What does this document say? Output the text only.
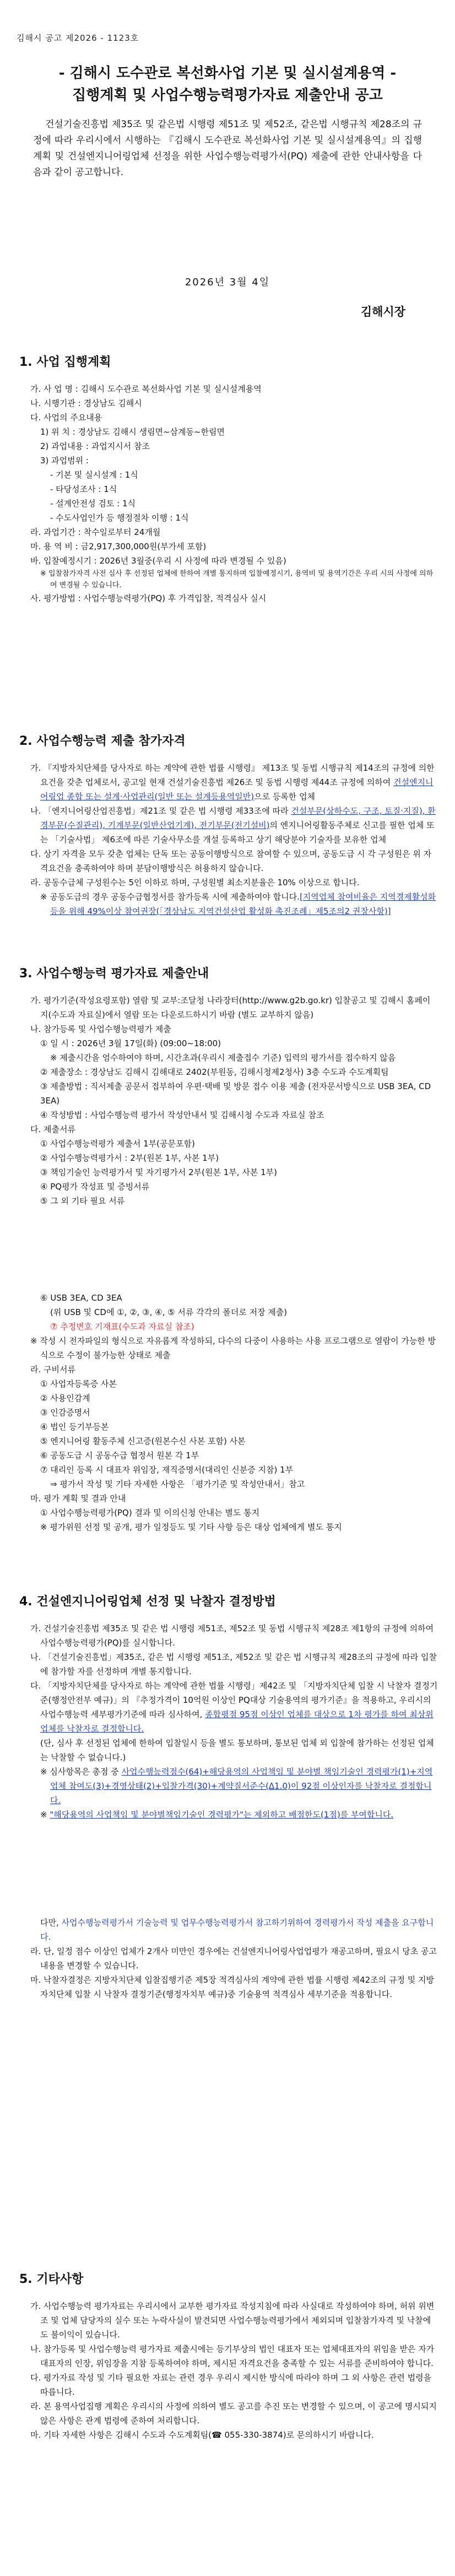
김해시 공고 제2026 - 1123호
- 김해시 도수관로 복선화사업 기본 및 실시설계용역 -
집행계획 및 사업수행능력평가자료 제출안내 공고

건설기술진흥법 제35조 및 같은법 시행령 제51조 및 제52조, 같은법 시행규칙 제28조의 규정에 따라 우리시에서 시행하는 『김해시 도수관로 복선화사업 기본 및 실시설계용역』의 집행계획 및 건설엔지니어링업체 선정을 위한 사업수행능력평가서(PQ) 제출에 관한 안내사항을 다음과 같이 공고합니다.

2026년 3월 4일
김해시장
1. 사업 집행계획

가. 사 업 명 : 김해시 도수관로 복선화사업 기본 및 실시설계용역

나. 시행기관 : 경상남도 김해시

다. 사업의 주요내용

1) 위 치 : 경상남도 김해시 생림면~삼계동~한림면

2) 과업내용 : 과업지시서 참조

3) 과업범위 :

- 기본 및 실시설계 : 1식

- 타당성조사 : 1식

- 설계안전성 검토 : 1식

- 수도사업인가 등 행정절차 이행 : 1식

라. 과업기간 : 착수일로부터 24개월

마. 용 역 비 : 금2,917,300,000원(부가세 포함)

바. 입찰예정시기 : 2026년 3월중(우리 시 사정에 따라 변경될 수 있음)

※ 입찰참가자격 사전 심사 후 선정된 업체에 한하여 개별 통지하며 입찰예정시기, 용역비 및 용역기간은 우리 시의 사정에 의하여 변경될 수 있습니다.

사. 평가방법 : 사업수행능력평가(PQ) 후 가격입찰, 적격심사 실시

2. 사업수행능력 제출 참가자격

가. 『지방자치단체를 당사자로 하는 계약에 관한 법률 시행령』 제13조 및 동법 시행규칙 제14조의 규정에 의한 요건을 갖춘 업체로서, 공고일 현재 건설기술진흥법 제26조 및 동법 시행령 제44조 규정에 의하여 건설엔지니어링업 종합 또는 설계·사업관리(일반 또는 설계등용역일반)으로 등록한 업체

나. 「엔지니어링산업진흥법」제21조 및 같은 법 시행령 제33조에 따라 건설부문(상하수도, 구조, 토질·지질), 환경부문(수질관리), 기계부문(일반산업기계), 전기부문(전기설비)의 엔지니어링활동주체로 신고를 필한 업체 또는 「기술사법」 제6조에 따른 기술사무소를 개설 등록하고 상기 해당분야 기술자를 보유한 업체

다. 상기 자격을 모두 갖춘 업체는 단독 또는 공동이행방식으로 참여할 수 있으며, 공동도급 시 각 구성원은 위 자격요건을 충족하여야 하며 분담이행방식은 허용하지 않습니다.

라. 공동수급체 구성원수는 5인 이하로 하며, 구성원별 최소지분율은 10% 이상으로 합니다.

※ 공동도급의 경우 공동수급협정서를 참가등록 시에 제출하여야 합니다.[지역업체 참여비율은 지역경제활성화 등을 위해 49%이상 참여권장(「경상남도 지역건설산업 활성화 촉진조례」제5조의2 권장사항)]

3. 사업수행능력 평가자료 제출안내

가. 평가기준(작성요령포함) 열람 및 교부:조달청 나라장터(http://www.g2b.go.kr) 입찰공고 및 김해시 홈페이지(수도과 자료실)에서 열람 또는 다운로드하시기 바람 (별도 교부하지 않음)

나. 참가등록 및 사업수행능력평가 제출

① 일 시 : 2026년 3월 17일(화) (09:00~18:00)

※ 제출시간을 엄수하여야 하며, 시간초과(우리시 제출접수 기준) 입력의 평가서를 접수하지 않음

② 제출장소 : 경상남도 김해시 김해대로 2402(부원동, 김해시청제2청사) 3층 수도과 수도계획팀

③ 제출방법 : 직서제출 공문서 접부하여 우편·택배 및 방문 접수 이용 제출 (전자문서방식으로 USB 3EA, CD 3EA)

④ 작성방법 : 사업수행능력 평가서 작성안내서 및 김해시청 수도과 자료실 참조

다. 제출서류

① 사업수행능력평가 제출서 1부(공문포함)

② 사업수행능력평가서 : 2부(원본 1부, 사본 1부)

③ 책임기술인 능력평가서 및 자기평가서 2부(원본 1부, 사본 1부)

④ PQ평가 작성표 및 증빙서류

⑤ 그 외 기타 필요 서류

⑥ USB 3EA, CD 3EA

(위 USB 및 CD에 ①, ②, ③, ④, ⑤ 서류 각각의 폴더로 저장 제출)

⑦ 추정변호 기재표(수도과 자료실 참조)

※ 작성 시 전자파일의 형식으로 자유롭게 작성하되, 다수의 다중이 사용하는 사용 프로그램으로 열람이 가능한 방식으로 수정이 불가능한 상태로 제출

라. 구비서류

① 사업자등록증 사본

② 사용인감계

③ 인감증명서

④ 법인 등기부등본

⑤ 엔지니어링 활동주체 신고증(원본수신 사본 포함) 사본

⑥ 공동도급 시 공동수급 협정서 원본 각 1부

⑦ 대리인 등록 시 대표자 위임장, 재직증명서(대리인 신분증 지참) 1부

⇒ 평가서 작성 및 기타 자세한 사항은 「평가기준 및 작성안내서」참고

마. 평가 계획 및 결과 안내

① 사업수행능력평가(PQ) 결과 및 이의신청 안내는 별도 통지

※ 평가위원 선정 및 공개, 평가 일정등도 및 기타 사항 등은 대상 업체에게 별도 통지

4. 건설엔지니어링업체 선정 및 낙찰자 결정방법

가. 건설기술진흥법 제35조 및 같은 법 시행령 제51조, 제52조 및 동법 시행규칙 제28조 제1항의 규정에 의하여 사업수행능력평가(PQ)를 실시합니다.

나. 「건설기술진흥법」제35조, 같은 법 시행령 제51조, 제52조 및 같은 법 시행규칙 제28조의 규정에 따라 입찰에 참가할 자를 선정하며 개별 통지합니다.

다. 「지방자치단체를 당사자로 하는 계약에 관한 법률 시행령」제42조 및 「지방자치단체 입찰 시 낙찰자 결정기준(행정안전부 예규)」의 『추정가격이 10억원 이상인 PQ대상 기술용역의 평가기준』을 적용하고, 우리시의 사업수행능력 세부평가기준에 따라 심사하여, 종합평점 95점 이상인 업체를 대상으로 1차 평가를 하여 최상위 업체를 낙찰자로 결정합니다.

(단, 심사 후 선정된 업체에 한하여 입찰일시 등을 별도 통보하며, 통보된 업체 외 입찰에 참가하는 선정된 업체는 낙찰할 수 없습니다.)

※ 심사항목은 총점 중 사업수행능력점수(64)+해당용역의 사업책임 및 분야별 책임기술인 경력평가(1)+지역업체 참여도(3)+경영상태(2)+입찰가격(30)+계약질서준수(Δ1.0)이 92점 이상인자를 낙찰자로 결정합니다.

※ "해당용역의 사업책임 및 분야별책임기술인 경력평가"는 제외하고 배점한도(1점)를 부여합니다.

다만, 사업수행능력평가서 기술능력 및 업무수행능력평가서 참고하기위하여 경력평가서 작성 제출을 요구합니다.

라. 단, 일정 점수 이상인 업체가 2개사 미만인 경우에는 건설엔지니어링사업업평가 재공고하며, 필요시 당초 공고내용을 변경할 수 있습니다.

마. 낙찰자결정은 지방자치단체 입찰집행기준 제5장 적격심사의 계약에 관한 법률 시행령 제42조의 규정 및 지방자치단체 입찰 시 낙찰자 결정기준(행정자치부 예규)중 기술용역 적격심사 세부기준을 적용합니다.

5. 기타사항

가. 사업수행능력 평가자료는 우리시에서 교부한 평가자료 작성지침에 따라 사실대로 작성하여야 하며, 허위 위변조 및 업체 담당자의 실수 또는 누락사실이 발견되면 사업수행능력평가에서 제외되며 입찰참가자격 및 낙찰에도 불이익이 있습니다.

나. 참가등록 및 사업수행능력 평가자료 제출시에는 등기부상의 법인 대표자 또는 업체대표자의 위임을 받은 자가 대표자의 인장, 위임장을 지참 등록하여야 하며, 제시된 자격요건을 충족할 수 있는 서류를 준비하여야 합니다.

다. 평가자료 작성 및 기타 필요한 자료는 관련 경우 우리시 제시한 방식에 따라야 하며 그 외 사항은 관련 법령을 따릅니다.

라. 본 용역사업집행 계획은 우리시의 사정에 의하여 별도 공고를 추진 또는 변경할 수 있으며, 이 공고에 명시되지 않은 사항은 관계 법령에 준하여 처리합니다.

마. 기타 자세한 사항은 김해시 수도과 수도계획팀(☎ 055-330-3874)로 문의하시기 바랍니다.
